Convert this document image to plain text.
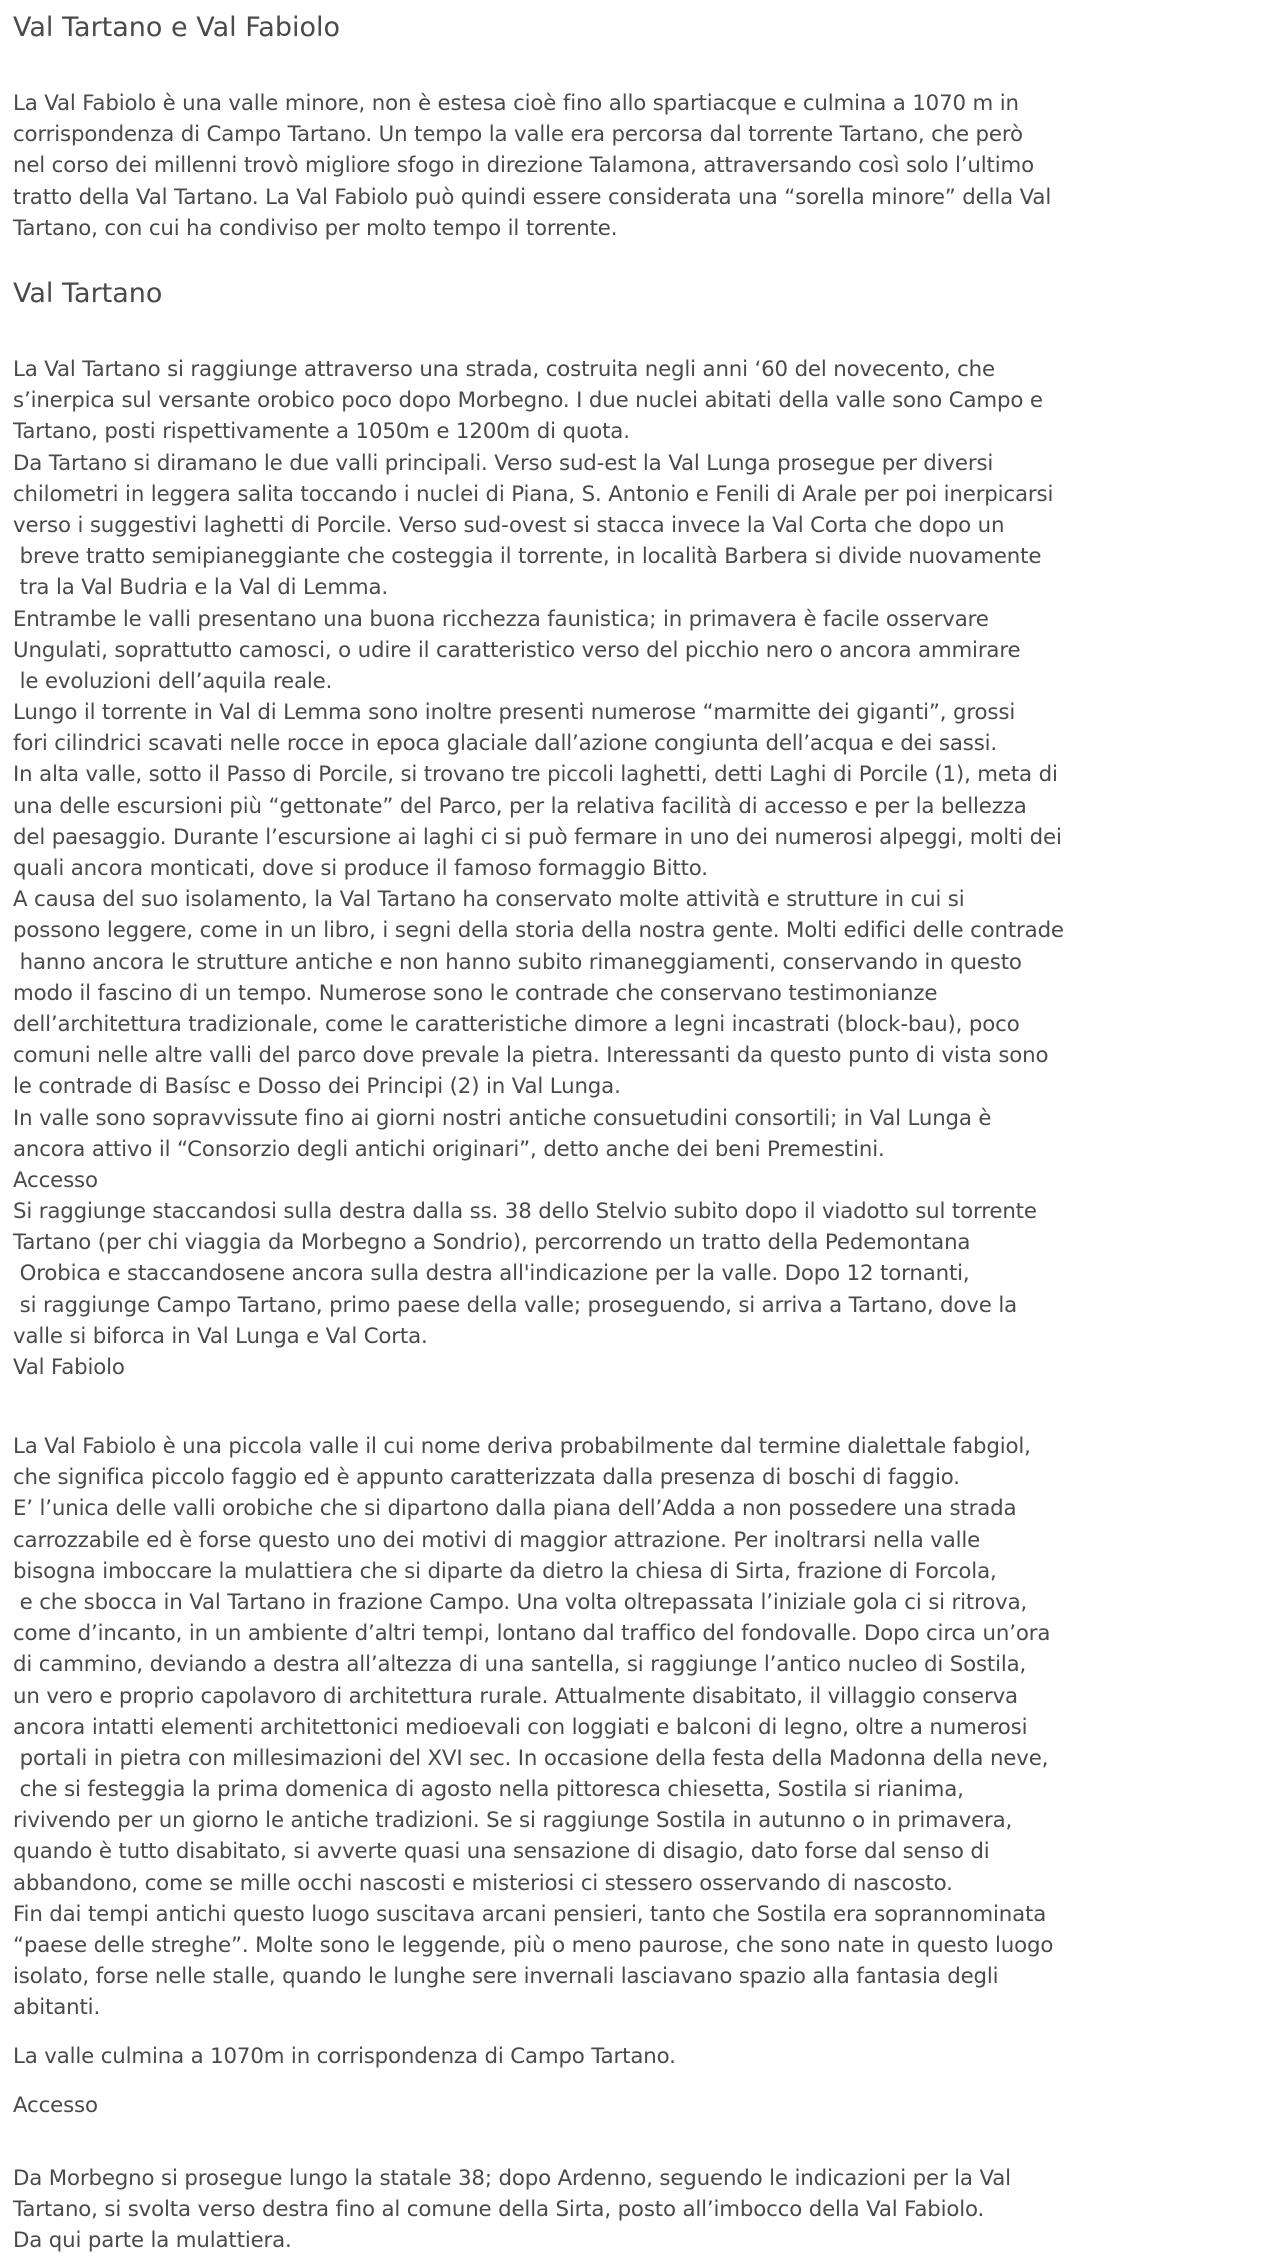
Val Tartano e Val Fabiolo
La Val Fabiolo è una valle minore, non è estesa cioè fino allo spartiacque e culmina a 1070 m in
corrispondenza di Campo Tartano. Un tempo la valle era percorsa dal torrente Tartano, che però
nel corso dei millenni trovò migliore sfogo in direzione Talamona, attraversando così solo l’ultimo
tratto della Val Tartano. La Val Fabiolo può quindi essere considerata una “sorella minore” della Val
Tartano, con cui ha condiviso per molto tempo il torrente.
Val Tartano
La Val Tartano si raggiunge attraverso una strada, costruita negli anni ‘60 del novecento, che
s’inerpica sul versante orobico poco dopo Morbegno. I due nuclei abitati della valle sono Campo e
Tartano, posti rispettivamente a 1050m e 1200m di quota.
Da Tartano si diramano le due valli principali. Verso sud-est la Val Lunga prosegue per diversi
chilometri in leggera salita toccando i nuclei di Piana, S. Antonio e Fenili di Arale per poi inerpicarsi
verso i suggestivi laghetti di Porcile. Verso sud-ovest si stacca invece la Val Corta che dopo un
breve tratto semipianeggiante che costeggia il torrente, in località Barbera si divide nuovamente
tra la Val Budria e la Val di Lemma.
Entrambe le valli presentano una buona ricchezza faunistica; in primavera è facile osservare
Ungulati, soprattutto camosci, o udire il caratteristico verso del picchio nero o ancora ammirare
le evoluzioni dell’aquila reale.
Lungo il torrente in Val di Lemma sono inoltre presenti numerose “marmitte dei giganti”, grossi
fori cilindrici scavati nelle rocce in epoca glaciale dall’azione congiunta dell’acqua e dei sassi.
In alta valle, sotto il Passo di Porcile, si trovano tre piccoli laghetti, detti Laghi di Porcile (1), meta di
una delle escursioni più “gettonate” del Parco, per la relativa facilità di accesso e per la bellezza
del paesaggio. Durante l’escursione ai laghi ci si può fermare in uno dei numerosi alpeggi, molti dei
quali ancora monticati, dove si produce il famoso formaggio Bitto.
A causa del suo isolamento, la Val Tartano ha conservato molte attività e strutture in cui si
possono leggere, come in un libro, i segni della storia della nostra gente. Molti edifici delle contrade
hanno ancora le strutture antiche e non hanno subito rimaneggiamenti, conservando in questo
modo il fascino di un tempo. Numerose sono le contrade che conservano testimonianze
dell’architettura tradizionale, come le caratteristiche dimore a legni incastrati (block-bau), poco
comuni nelle altre valli del parco dove prevale la pietra. Interessanti da questo punto di vista sono
le contrade di Basísc e Dosso dei Principi (2) in Val Lunga.
In valle sono sopravvissute fino ai giorni nostri antiche consuetudini consortili; in Val Lunga è
ancora attivo il “Consorzio degli antichi originari”, detto anche dei beni Premestini.
Accesso
Si raggiunge staccandosi sulla destra dalla ss. 38 dello Stelvio subito dopo il viadotto sul torrente
Tartano (per chi viaggia da Morbegno a Sondrio), percorrendo un tratto della Pedemontana
Orobica e staccandosene ancora sulla destra all'indicazione per la valle. Dopo 12 tornanti,
si raggiunge Campo Tartano, primo paese della valle; proseguendo, si arriva a Tartano, dove la
valle si biforca in Val Lunga e Val Corta.
Val Fabiolo
La Val Fabiolo è una piccola valle il cui nome deriva probabilmente dal termine dialettale fabgiol,
che significa piccolo faggio ed è appunto caratterizzata dalla presenza di boschi di faggio.
E’ l’unica delle valli orobiche che si dipartono dalla piana dell’Adda a non possedere una strada
carrozzabile ed è forse questo uno dei motivi di maggior attrazione. Per inoltrarsi nella valle
bisogna imboccare la mulattiera che si diparte da dietro la chiesa di Sirta, frazione di Forcola,
e che sbocca in Val Tartano in frazione Campo. Una volta oltrepassata l’iniziale gola ci si ritrova,
come d’incanto, in un ambiente d’altri tempi, lontano dal traffico del fondovalle. Dopo circa un’ora
di cammino, deviando a destra all’altezza di una santella, si raggiunge l’antico nucleo di Sostila,
un vero e proprio capolavoro di architettura rurale. Attualmente disabitato, il villaggio conserva
ancora intatti elementi architettonici medioevali con loggiati e balconi di legno, oltre a numerosi
portali in pietra con millesimazioni del XVI sec. In occasione della festa della Madonna della neve,
che si festeggia la prima domenica di agosto nella pittoresca chiesetta, Sostila si rianima,
rivivendo per un giorno le antiche tradizioni. Se si raggiunge Sostila in autunno o in primavera,
quando è tutto disabitato, si avverte quasi una sensazione di disagio, dato forse dal senso di
abbandono, come se mille occhi nascosti e misteriosi ci stessero osservando di nascosto.
Fin dai tempi antichi questo luogo suscitava arcani pensieri, tanto che Sostila era soprannominata
“paese delle streghe”. Molte sono le leggende, più o meno paurose, che sono nate in questo luogo
isolato, forse nelle stalle, quando le lunghe sere invernali lasciavano spazio alla fantasia degli
abitanti.
Accesso
Da Morbegno si prosegue lungo la statale 38; dopo Ardenno, seguendo le indicazioni per la Val
Tartano, si svolta verso destra fino al comune della Sirta, posto all’imbocco della Val Fabiolo.
Da qui parte la mulattiera.
La valle culmina a 1070m in corrispondenza di Campo Tartano.
